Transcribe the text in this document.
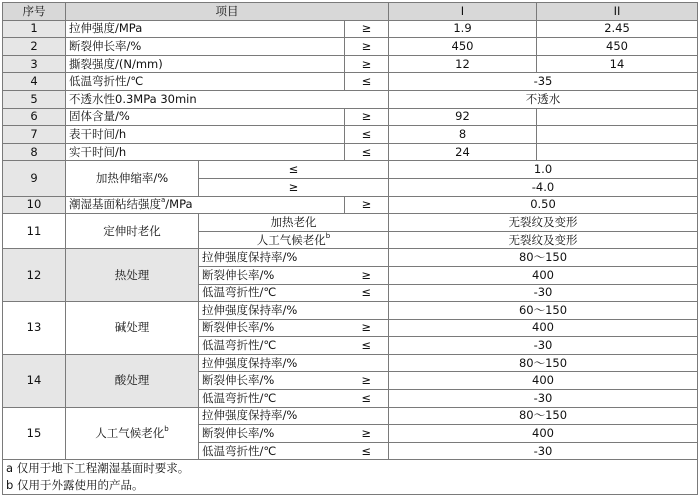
序号	项目			I	II
1	拉伸强度/MPa		≥	1.9	2.45
2	断裂伸长率/%		≥	450	450
3	撕裂强度/(N/mm)		≥	12	14
4	低温弯折性/℃		≤	-35	
5	不透水性0.3MPa 30min			不透水	
6	固体含量/%		≥	92	
7	表干时间/h		≤	8	
8	实干时间/h		≤	24	
9	加热伸缩率/%	≤		1.0	
		≥		-4.0	
10	潮湿基面粘结强度$^a$/MPa		≥	0.50	
11	定伸时老化	加热老化		无裂纹及变形	
		人工气候老化$^b$		无裂纹及变形	
12	热处理	拉伸强度保持率/%		80～150	
		断裂伸长率/%	≥	400	
		低温弯折性/℃	≤	-30	
13	碱处理	拉伸强度保持率/%		60～150	
		断裂伸长率/%	≥	400	
		低温弯折性/℃	≤	-30	
14	酸处理	拉伸强度保持率/%		80～150	
		断裂伸长率/%	≥	400	
		低温弯折性/℃	≤	-30	
15	人工气候老化$^b$	拉伸强度保持率/%		80～150	
		断裂伸长率/%	≥	400	
		低温弯折性/℃	≤	-30	
a 仅用于地下工程潮湿基面时要求。					
b 仅用于外露使用的产品。					
